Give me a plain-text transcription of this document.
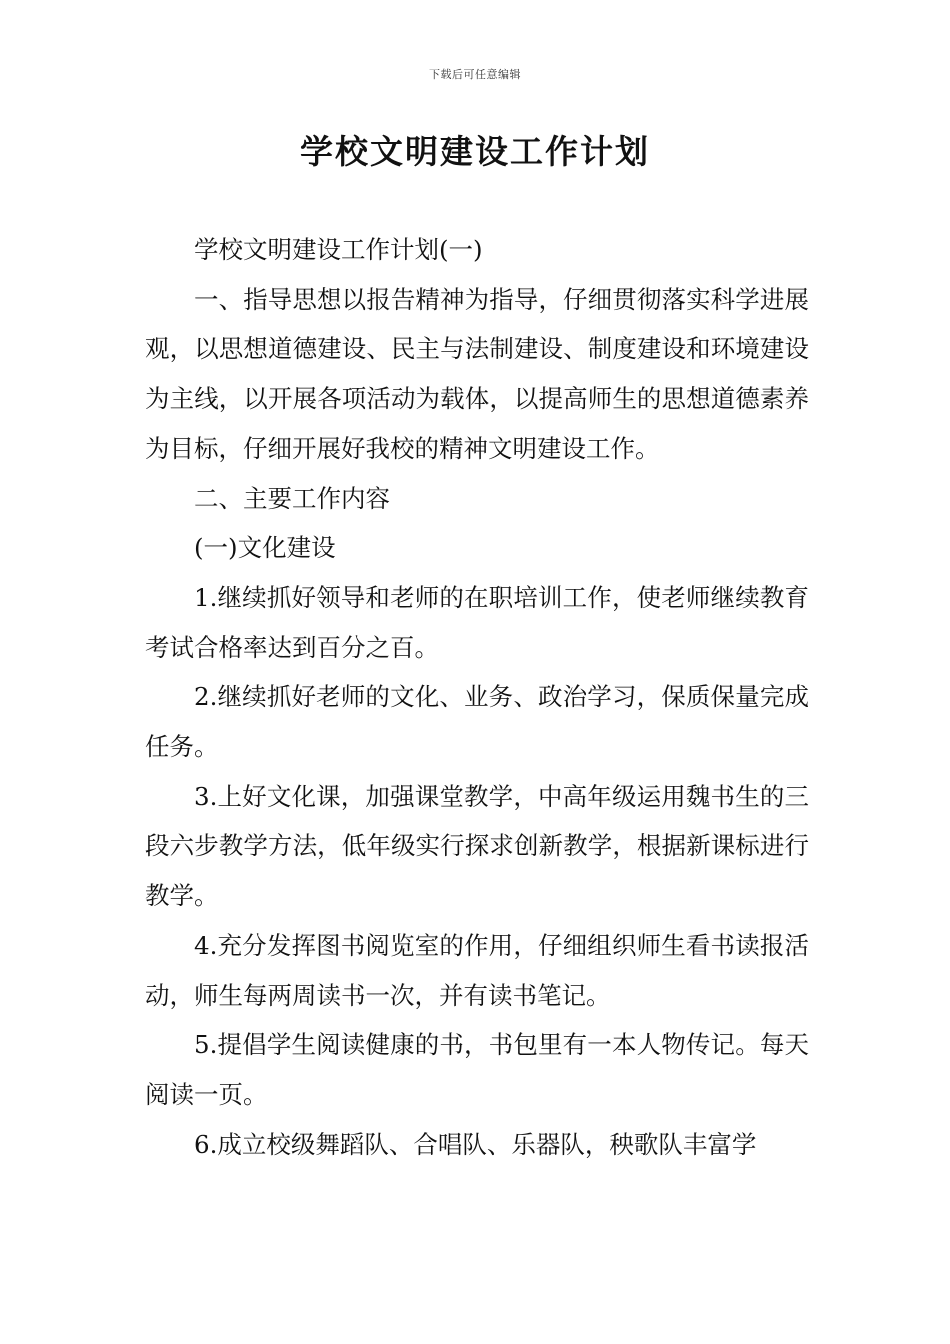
下载后可任意编辑
学校文明建设工作计划

学校文明建设工作计划(一)

一、指导思想以报告精神为指导，仔细贯彻落实科学进展观，以思想道德建设、民主与法制建设、制度建设和环境建设为主线，以开展各项活动为载体，以提高师生的思想道德素养为目标，仔细开展好我校的精神文明建设工作。

二、主要工作内容

(一)文化建设

1.继续抓好领导和老师的在职培训工作，使老师继续教育考试合格率达到百分之百。

2.继续抓好老师的文化、业务、政治学习，保质保量完成任务。

3.上好文化课，加强课堂教学，中高年级运用魏书生的三段六步教学方法，低年级实行探求创新教学，根据新课标进行教学。

4.充分发挥图书阅览室的作用，仔细组织师生看书读报活动，师生每两周读书一次，并有读书笔记。

5.提倡学生阅读健康的书，书包里有一本人物传记。每天阅读一页。

6.成立校级舞蹈队、合唱队、乐器队，秧歌队丰富学
